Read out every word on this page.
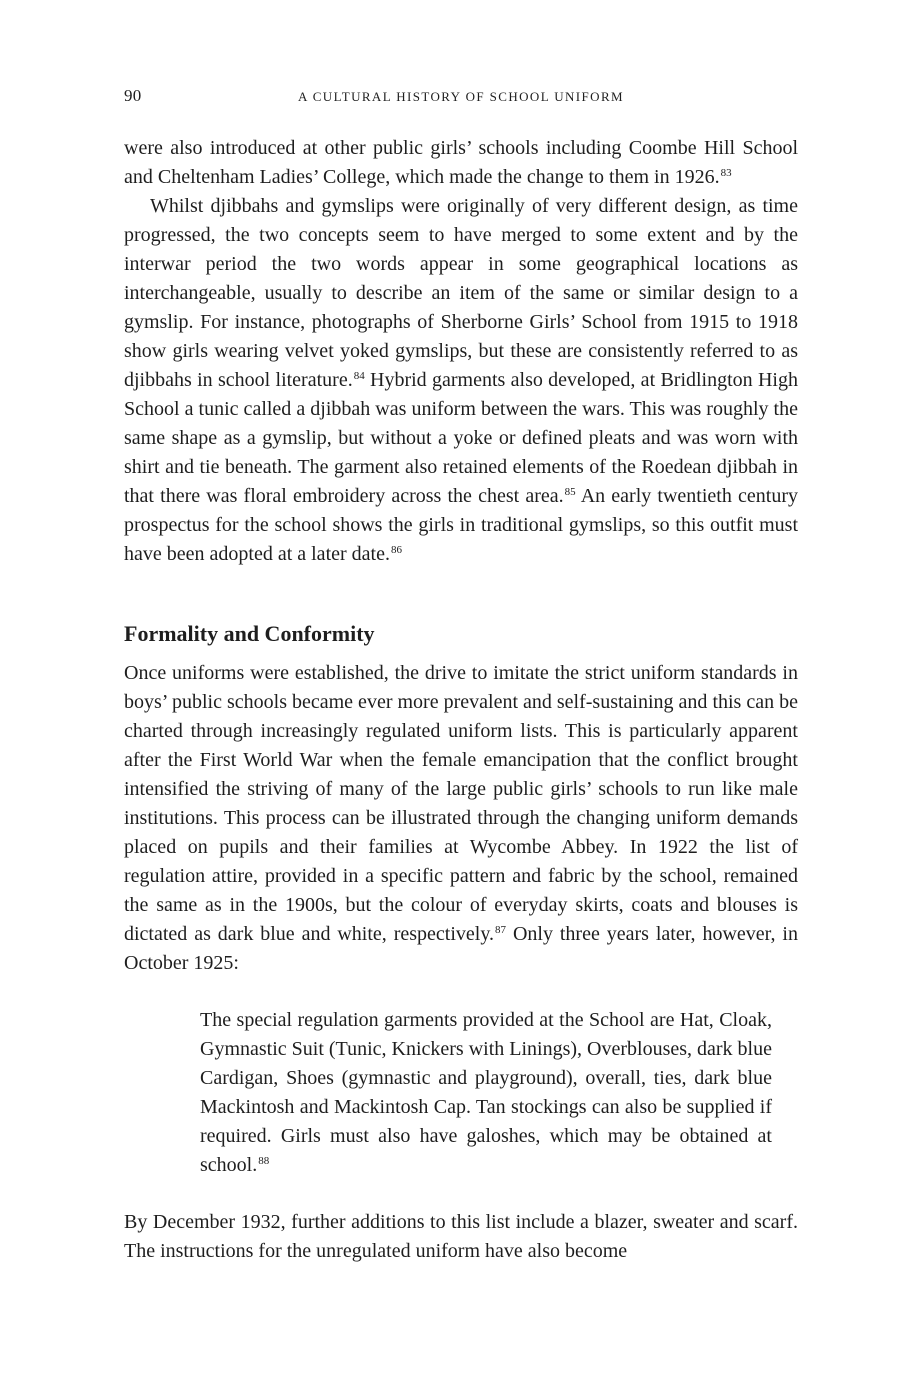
90	A CULTURAL HISTORY OF SCHOOL UNIFORM

were also introduced at other public girls’ schools including Coombe Hill School and Cheltenham Ladies’ College, which made the change to them in 1926.83

Whilst djibbahs and gymslips were originally of very different design, as time progressed, the two concepts seem to have merged to some extent and by the interwar period the two words appear in some geographical locations as interchangeable, usually to describe an item of the same or similar design to a gymslip. For instance, photographs of Sherborne Girls’ School from 1915 to 1918 show girls wearing velvet yoked gymslips, but these are consistently referred to as djibbahs in school literature.$^{84}$ Hybrid garments also developed, at Bridlington High School a tunic called a djibbah was uniform between the wars. This was roughly the same shape as a gymslip, but without a yoke or defined pleats and was worn with shirt and tie beneath. The garment also retained elements of the Roedean djibbah in that there was floral embroidery across the chest area.$^{85}$ An early twentieth century prospectus for the school shows the girls in traditional gymslips, so this outfit must have been adopted at a later date.$^{86}$

Formality and Conformity

Once uniforms were established, the drive to imitate the strict uniform standards in boys’ public schools became ever more prevalent and self-sustaining and this can be charted through increasingly regulated uniform lists. This is particularly apparent after the First World War when the female emancipation that the conflict brought intensified the striving of many of the large public girls’ schools to run like male institutions. This process can be illustrated through the changing uniform demands placed on pupils and their families at Wycombe Abbey. In 1922 the list of regulation attire, provided in a specific pattern and fabric by the school, remained the same as in the 1900s, but the colour of everyday skirts, coats and blouses is dictated as dark blue and white, respectively.$^{87}$ Only three years later, however, in October 1925:

The special regulation garments provided at the School are Hat, Cloak, Gymnastic Suit (Tunic, Knickers with Linings), Overblouses, dark blue Cardigan, Shoes (gymnastic and playground), overall, ties, dark blue Mackintosh and Mackintosh Cap. Tan stockings can also be supplied if required. Girls must also have galoshes, which may be obtained at school.$^{88}$

By December 1932, further additions to this list include a blazer, sweater and scarf. The instructions for the unregulated uniform have also become
